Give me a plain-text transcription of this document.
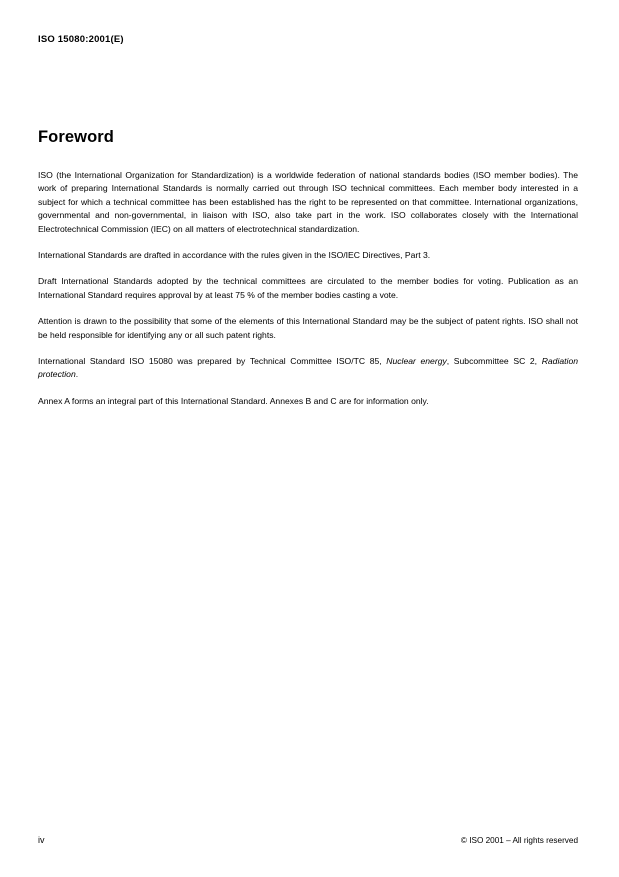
ISO 15080:2001(E)
Foreword
ISO (the International Organization for Standardization) is a worldwide federation of national standards bodies (ISO member bodies). The work of preparing International Standards is normally carried out through ISO technical committees. Each member body interested in a subject for which a technical committee has been established has the right to be represented on that committee. International organizations, governmental and non-governmental, in liaison with ISO, also take part in the work. ISO collaborates closely with the International Electrotechnical Commission (IEC) on all matters of electrotechnical standardization.
International Standards are drafted in accordance with the rules given in the ISO/IEC Directives, Part 3.
Draft International Standards adopted by the technical committees are circulated to the member bodies for voting. Publication as an International Standard requires approval by at least 75 % of the member bodies casting a vote.
Attention is drawn to the possibility that some of the elements of this International Standard may be the subject of patent rights. ISO shall not be held responsible for identifying any or all such patent rights.
International Standard ISO 15080 was prepared by Technical Committee ISO/TC 85, Nuclear energy, Subcommittee SC 2, Radiation protection.
Annex A forms an integral part of this International Standard. Annexes B and C are for information only.
iv	© ISO 2001 – All rights reserved
